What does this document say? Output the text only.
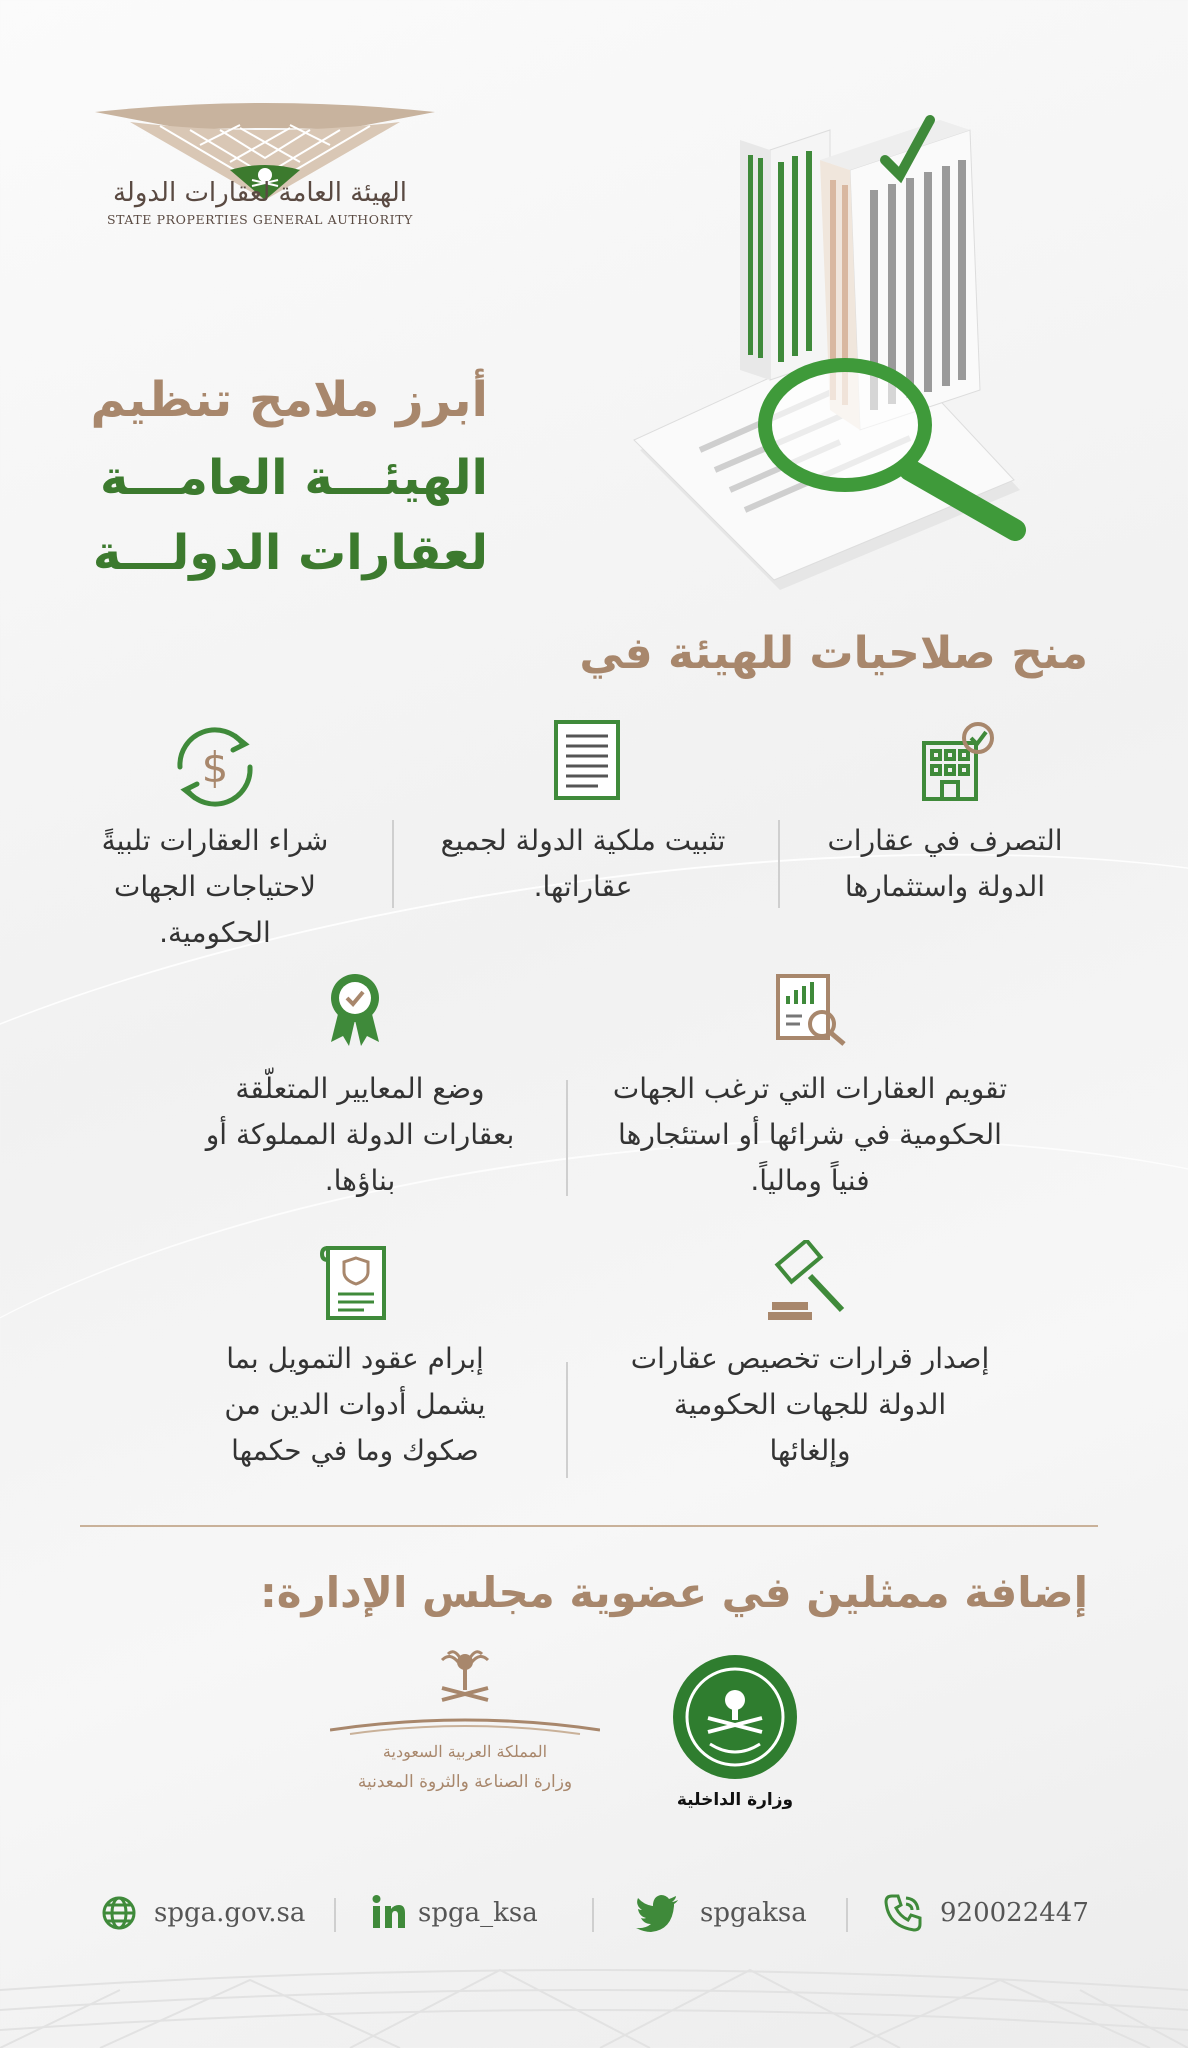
الهيئة العامة لعقارات الدولة
STATE PROPERTIES GENERAL AUTHORITY
أبرز ملامح تنظيم
الهيئـــة العامـــة
لعقارات الدولـــة
منح صلاحيات للهيئة في
$
التصرف في عقارات الدولة واستثمارها
تثبيت ملكية الدولة لجميع عقاراتها.
شراء العقارات تلبيةً لاحتياجات الجهات الحكومية.
تقويم العقارات التي ترغب الجهات الحكومية في شرائها أو استئجارها فنياً ومالياً.
وضع المعايير المتعلّقة بعقارات الدولة المملوكة أو بناؤها.
إصدار قرارات تخصيص عقارات الدولة للجهات الحكومية وإلغائها
إبرام عقود التمويل بما يشمل أدوات الدين من صكوك وما في حكمها
إضافة ممثلين في عضوية مجلس الإدارة:
وزارة الداخلية
المملكة العربية السعودية
وزارة الصناعة والثروة المعدنية
spga.gov.sa	spga_ksa	spgaksa	920022447
